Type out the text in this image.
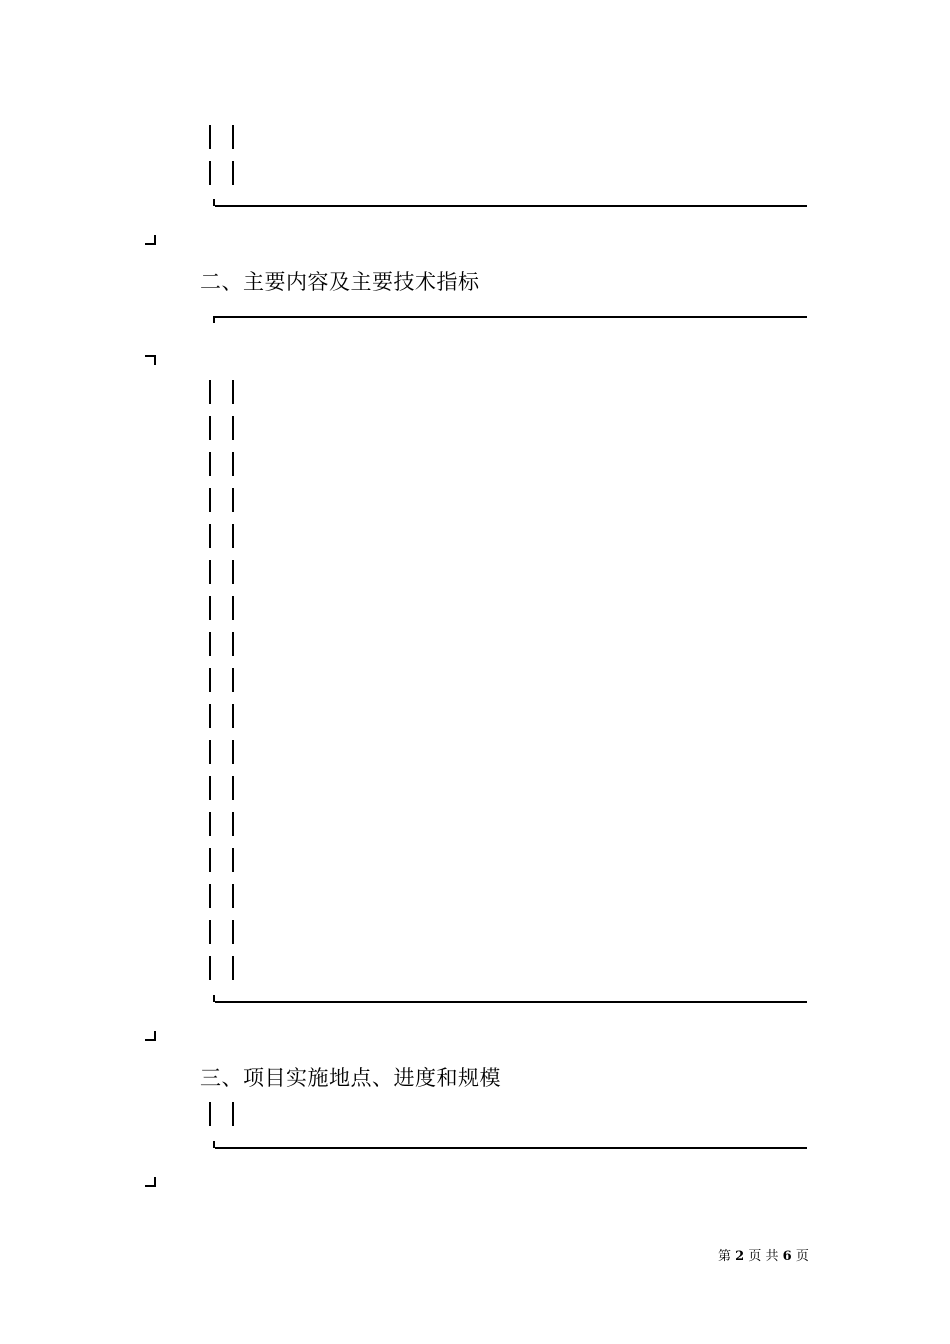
二、主要内容及主要技术指标
三、项目实施地点、进度和规模
第 2 页 共 6 页
